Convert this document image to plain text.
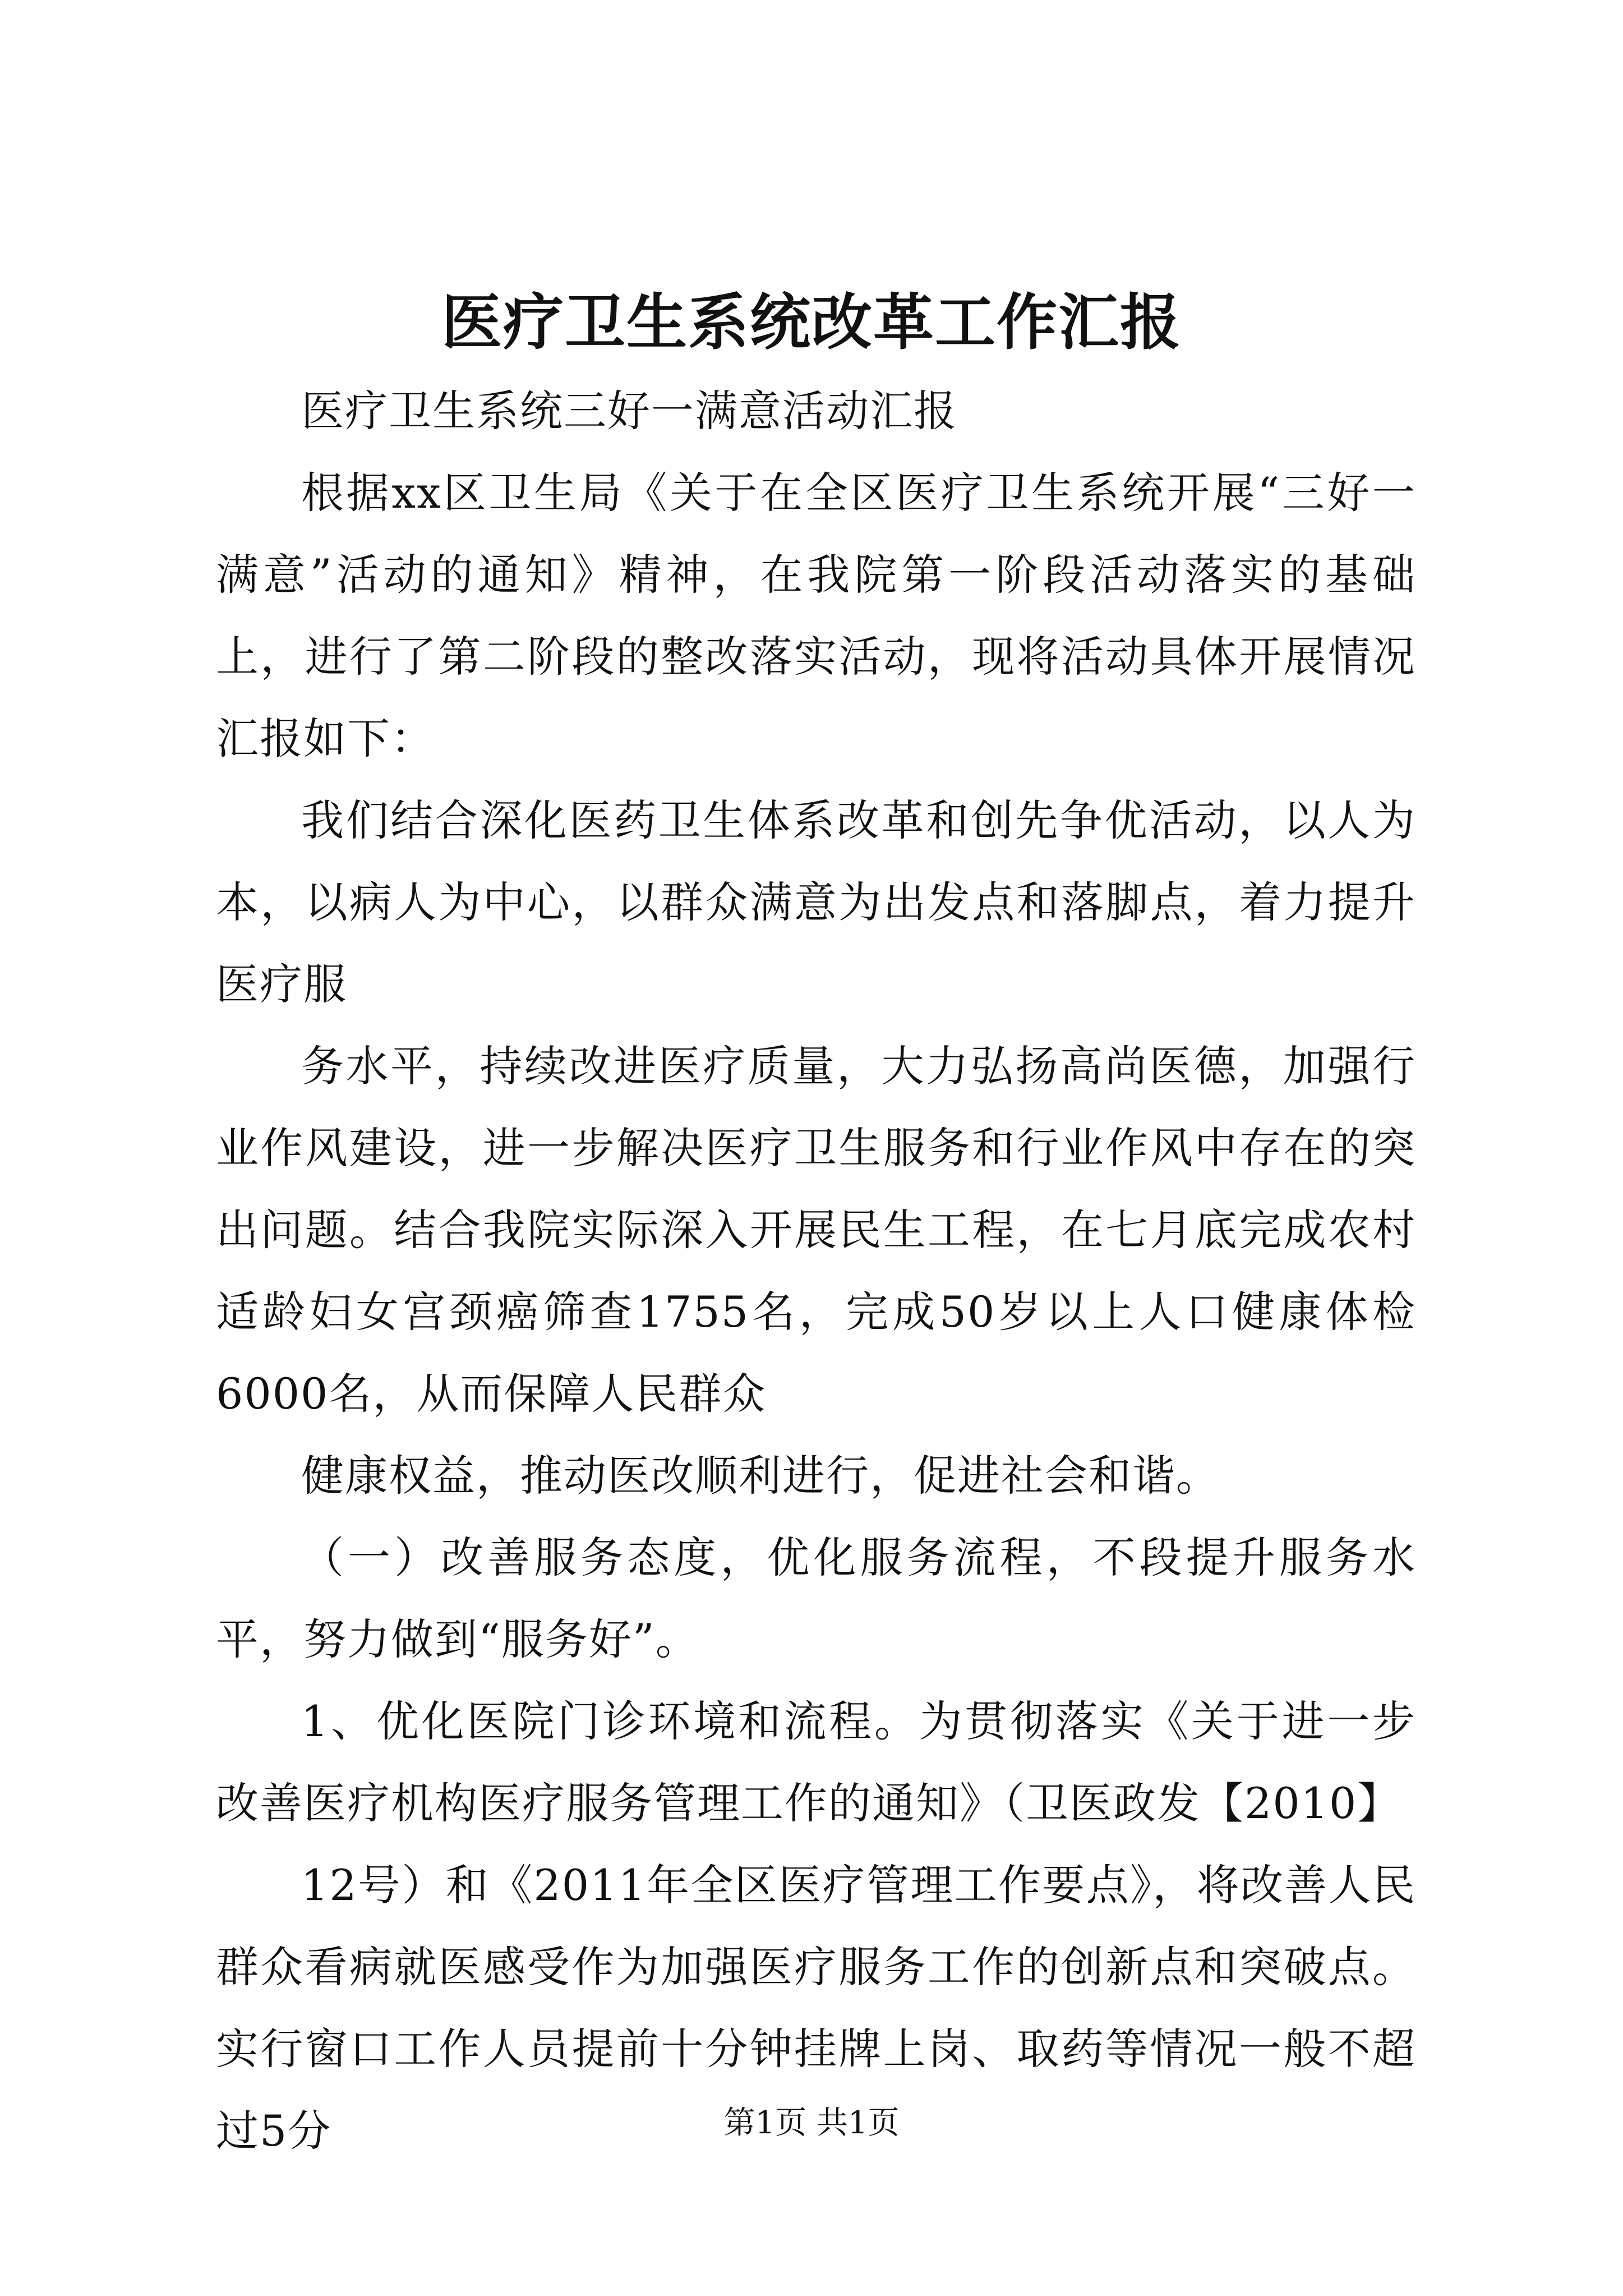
医疗卫生系统改革工作汇报

医疗卫生系统三好一满意活动汇报

根据xx区卫生局《关于在全区医疗卫生系统开展“三好一满意”活动的通知》精神，在我院第一阶段活动落实的基础上，进行了第二阶段的整改落实活动，现将活动具体开展情况汇报如下：

我们结合深化医药卫生体系改革和创先争优活动，以人为本，以病人为中心，以群众满意为出发点和落脚点，着力提升医疗服

务水平，持续改进医疗质量，大力弘扬高尚医德，加强行业作风建设，进一步解决医疗卫生服务和行业作风中存在的突出问题。结合我院实际深入开展民生工程，在七月底完成农村适龄妇女宫颈癌筛查1755名，完成50岁以上人口健康体检6000名，从而保障人民群众

健康权益，推动医改顺利进行，促进社会和谐。

（一）改善服务态度，优化服务流程，不段提升服务水平，努力做到“服务好”。

1、优化医院门诊环境和流程。为贯彻落实《关于进一步改善医疗机构医疗服务管理工作的通知》（卫医政发【2010】

12号）和《2011年全区医疗管理工作要点》，将改善人民群众看病就医感受作为加强医疗服务工作的创新点和突破点。实行窗口工作人员提前十分钟挂牌上岗、取药等情况一般不超过5分	第1页 共1页
